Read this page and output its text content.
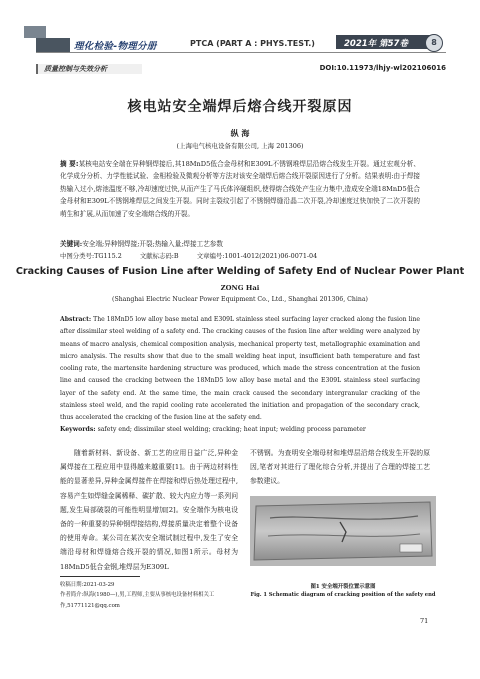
理化检验-物理分册	PTCA (PART A : PHYS.TEST.)	2021年 第57卷	8
质量控制与失效分析	DOI:10.11973/lhjy-wl202106016
核电站安全端焊后熔合线开裂原因
纵 海
(上海电气核电设备有限公司, 上海 201306)
摘 要:某核电站安全端在异种钢焊接后,其18MnD5低合金母材和E309L不锈钢堆焊层沿熔合线发生开裂。通过宏观分析、化学成分分析、力学性能试验、金相检验及微观分析等方法对该安全端焊后熔合线开裂原因进行了分析。结果表明:由于焊接热输入过小,熔池温度不够,冷却速度过快,从而产生了马氏体淬硬组织,使得熔合线处产生应力集中,造成安全端18MnD5低合金母材和E309L不锈钢堆焊层之间发生开裂。同时主裂纹引起了不锈钢焊缝沿晶二次开裂,冷却速度过快加快了二次开裂的萌生和扩展,从而加速了安全端熔合线的开裂。
关键词:安全端;异种钢焊接;开裂;热输入量;焊接工艺参数
中图分类号:TG115.2	文献标志码:B	文章编号:1001-4012(2021)06-0071-04
Cracking Causes of Fusion Line after Welding of Safety End of Nuclear Power Plant
ZONG Hai
(Shanghai Electric Nuclear Power Equipment Co., Ltd., Shanghai 201306, China)
Abstract: The 18MnD5 low alloy base metal and E309L stainless steel surfacing layer cracked along the fusion line after dissimilar steel welding of a safety end. The cracking causes of the fusion line after welding were analyzed by means of macro analysis, chemical composition analysis, mechanical property test, metallographic examination and micro analysis. The results show that due to the small welding heat input, insufficient bath temperature and fast cooling rate, the martensite hardening structure was produced, which made the stress concentration at the fusion line and caused the cracking between the 18MnD5 low alloy base metal and the E309L stainless steel surfacing layer of the safety end. At the same time, the main crack caused the secondary intergranular cracking of the stainless steel weld, and the rapid cooling rate accelerated the initiation and propagation of the secondary crack, thus accelerated the cracking of the fusion line at the safety end.
Keywords: safety end; dissimilar steel welding; cracking; heat input; welding process parameter
随着新材料、新设备、新工艺的应用日益广泛,异种金属焊接在工程应用中显得越来越重要[1]。由于两边材料性能的显著差异,异种金属焊接件在焊接和焊后热处理过程中,容易产生如焊缝金属稀释、碳扩散、较大内应力等一系列问题,发生局部破裂的可能性明显增加[2]。安全端作为核电设备的一种重要的异种钢焊接结构,焊接质量决定着整个设备的使用寿命。某公司在某次安全端试制过程中,发生了安全端沿母材和焊缝熔合线开裂的情况,如图1所示。母材为18MnD5低合金钢,堆焊层为E309L
不锈钢。为查明安全端母材和堆焊层沿熔合线发生开裂的原因,笔者对其进行了理化综合分析,并提出了合理的焊接工艺参数建议。
收稿日期:2021-03-29
作者简介:纵海(1980—),男,工程师,主要从事核电设备材料相关工作,51771121@qq.com
图1 安全端开裂位置示意图
Fig. 1 Schematic diagram of cracking position of the safety end
71
